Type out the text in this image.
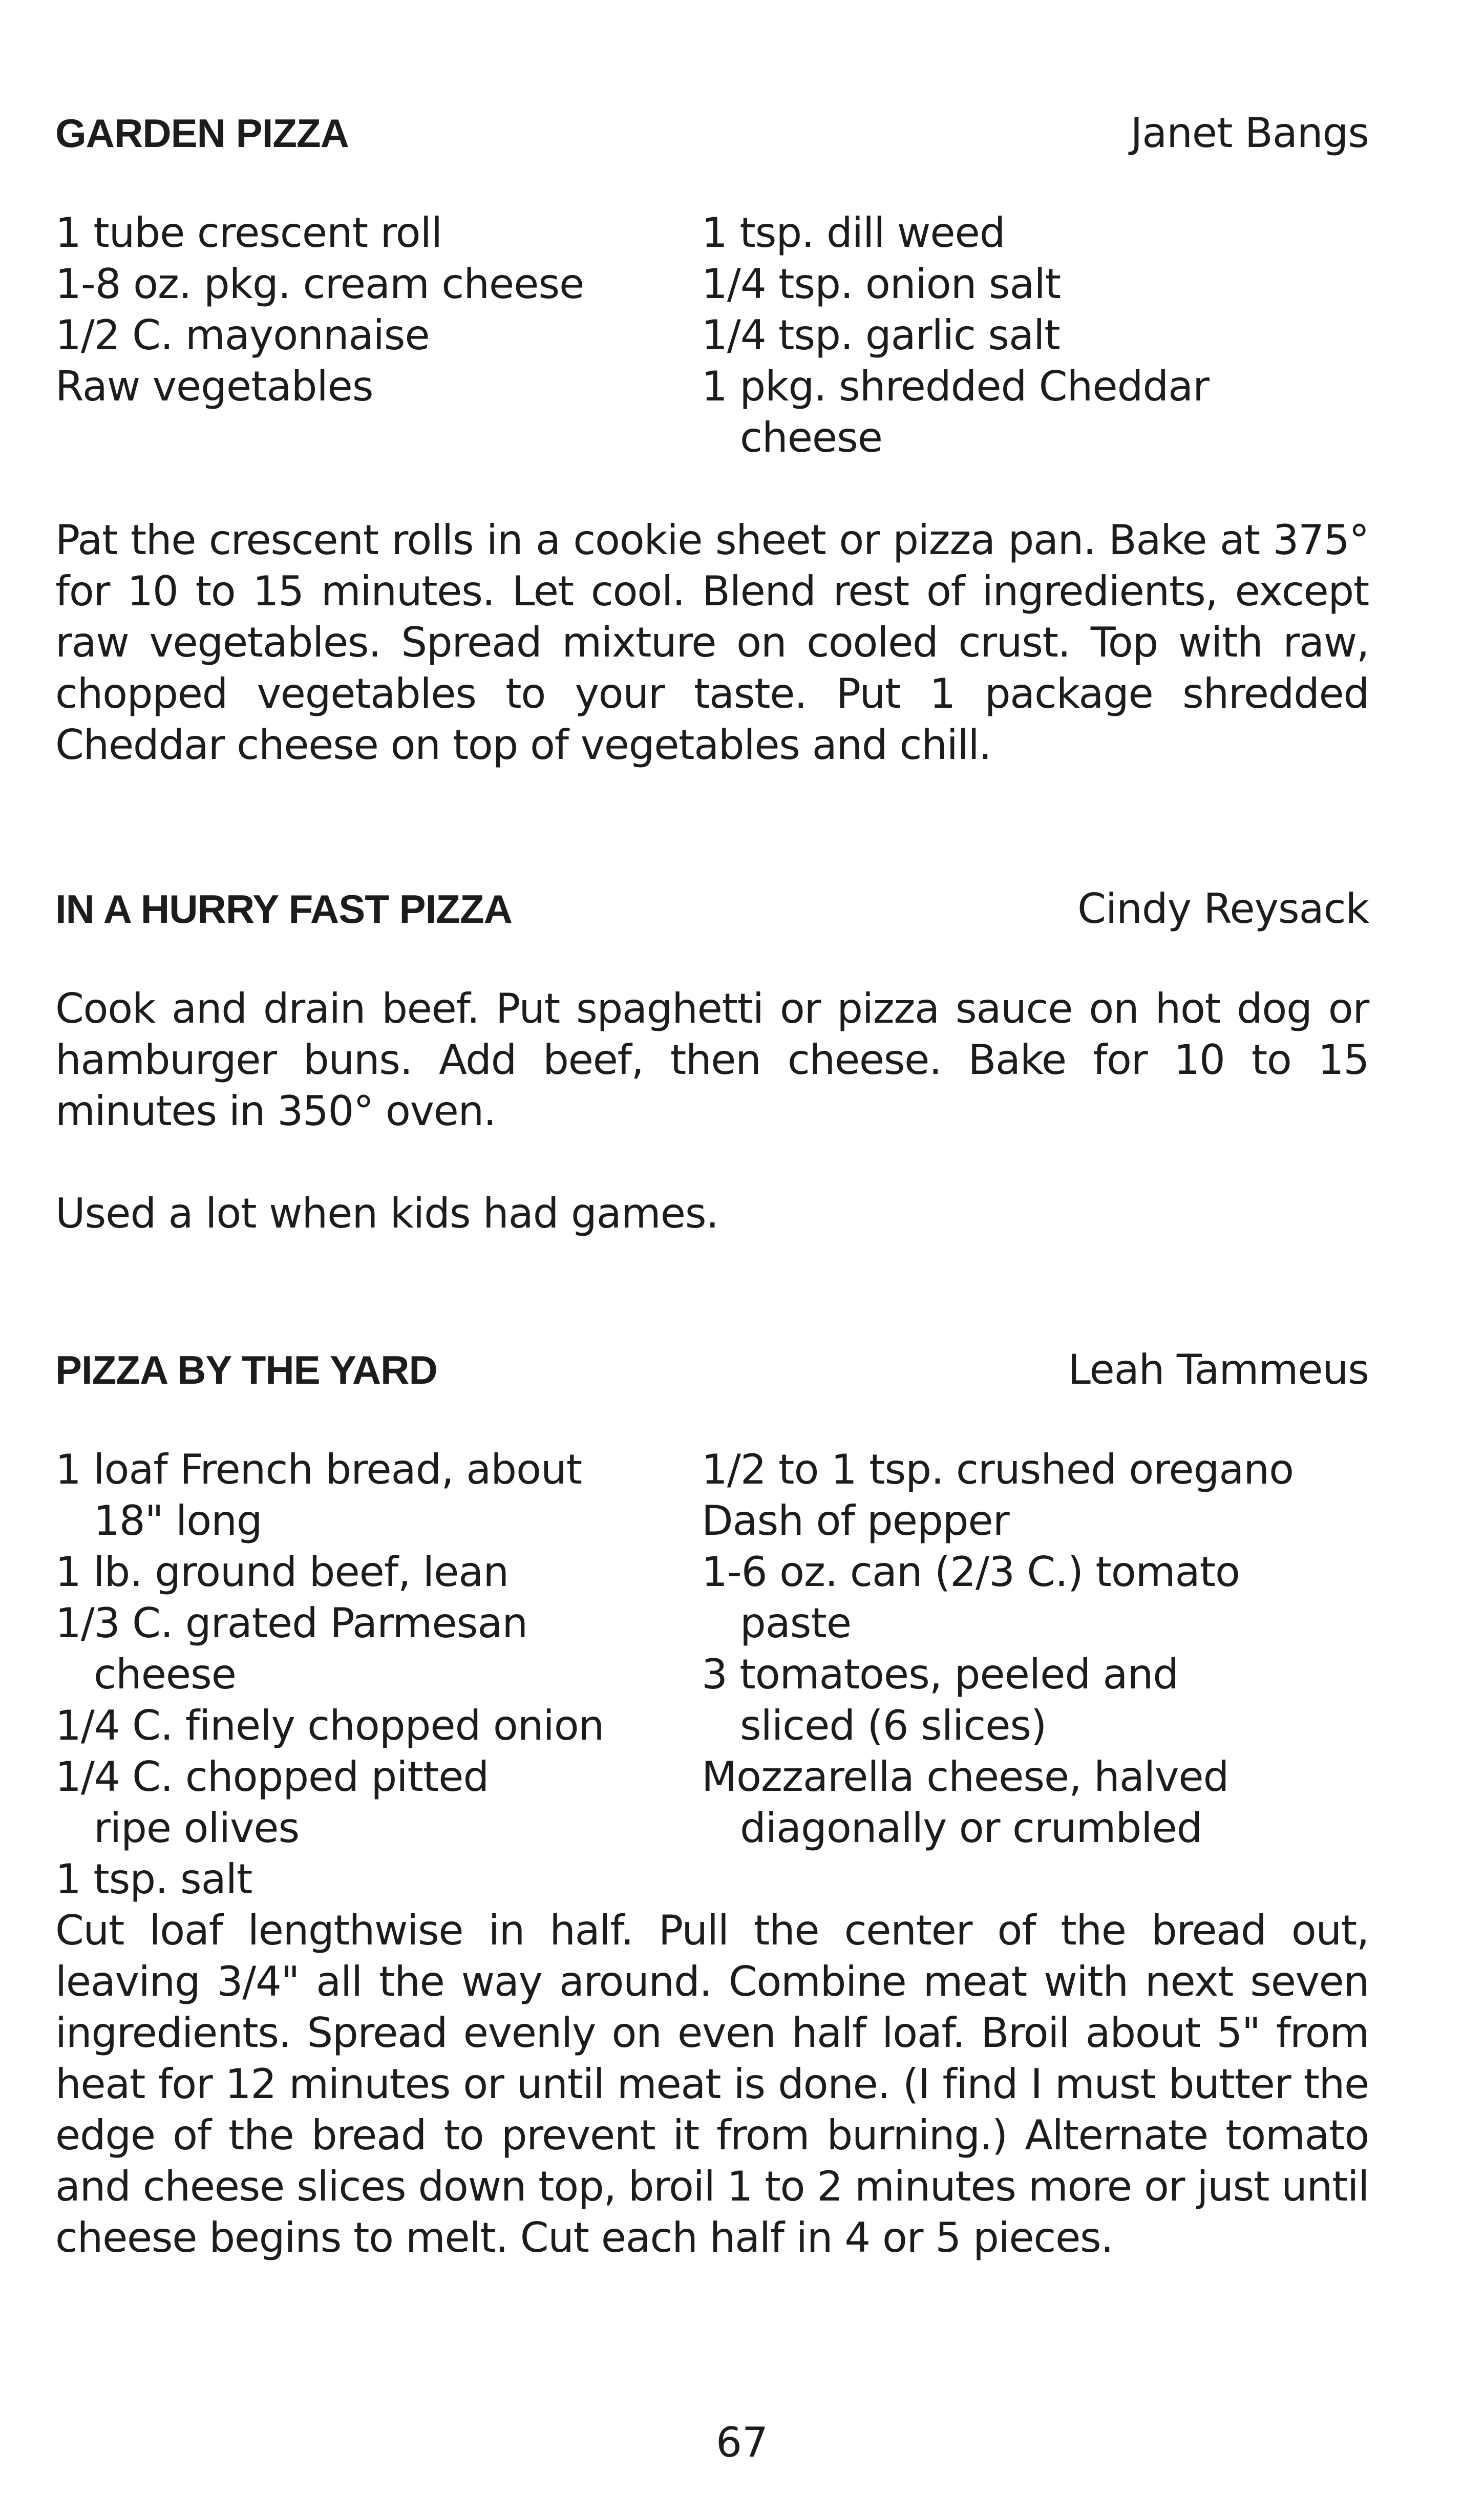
GARDEN PIZZA	Janet Bangs
1 tube crescent roll
1-8 oz. pkg. cream cheese
1/2 C. mayonnaise
Raw vegetables
1 tsp. dill weed
1/4 tsp. onion salt
1/4 tsp. garlic salt
1 pkg. shredded Cheddar
cheese

Pat the crescent rolls in a cookie sheet or pizza pan. Bake at 375° for 10 to 15 minutes. Let cool. Blend rest of ingredients, except raw vegetables. Spread mixture on cooled crust. Top with raw, chopped vegetables to your taste. Put 1 package shredded Cheddar cheese on top of vegetables and chill.

IN A HURRY FAST PIZZA	Cindy Reysack

Cook and drain beef. Put spaghetti or pizza sauce on hot dog or hamburger buns. Add beef, then cheese. Bake for 10 to 15 minutes in 350° oven.

Used a lot when kids had games.

PIZZA BY THE YARD	Leah Tammeus
1 loaf French bread, about
18" long
1 lb. ground beef, lean
1/3 C. grated Parmesan
cheese
1/4 C. finely chopped onion
1/4 C. chopped pitted
ripe olives
1 tsp. salt
1/2 to 1 tsp. crushed oregano
Dash of pepper
1-6 oz. can (2/3 C.) tomato
paste
3 tomatoes, peeled and
sliced (6 slices)
Mozzarella cheese, halved
diagonally or crumbled

Cut loaf lengthwise in half. Pull the center of the bread out, leaving 3/4" all the way around. Combine meat with next seven ingredients. Spread evenly on even half loaf. Broil about 5" from heat for 12 minutes or until meat is done. (I find I must butter the edge of the bread to prevent it from burning.) Alternate tomato and cheese slices down top, broil 1 to 2 minutes more or just until cheese begins to melt. Cut each half in 4 or 5 pieces.

67
